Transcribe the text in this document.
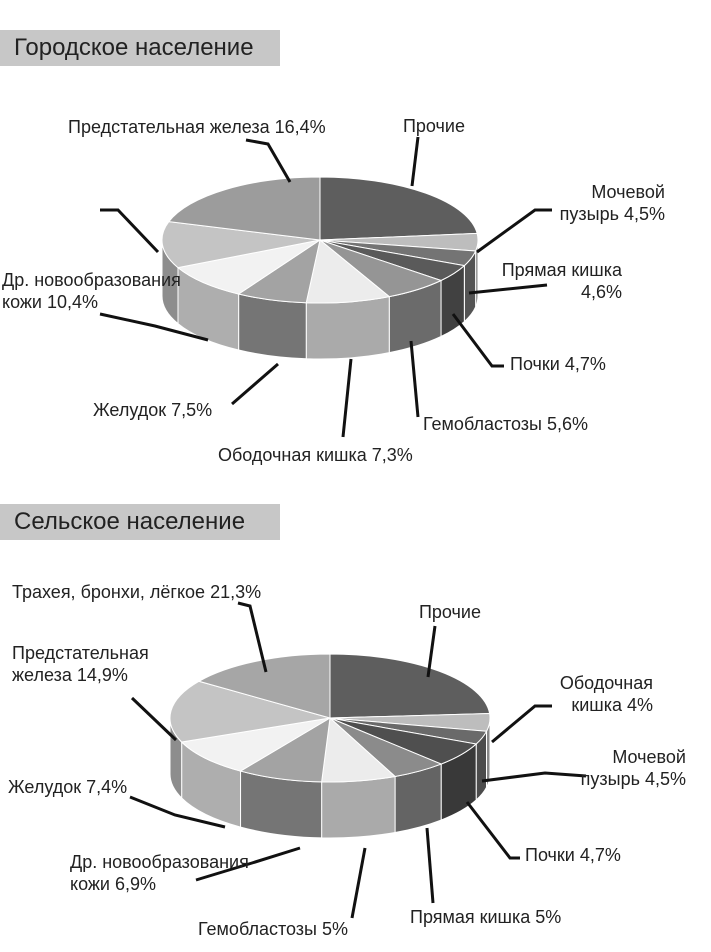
Городское население
Сельское население
Прочие
Мочевой пузырь 4,5%
Прямая кишка 4,6%
Почки 4,7%
Гемобластозы 5,6%
Ободочная кишка 7,3%
Желудок 7,5%
Др. новообразования кожи 10,4%
Предстательная железа 16,4%
Прочие
Ободочная кишка 4%
Мочевой пузырь 4,5%
Почки 4,7%
Прямая кишка 5%
Гемобластозы 5%
Др. новообразования кожи 6,9%
Желудок 7,4%
Предстательная железа 14,9%
Трахея, бронхи, лёгкое 21,3%
